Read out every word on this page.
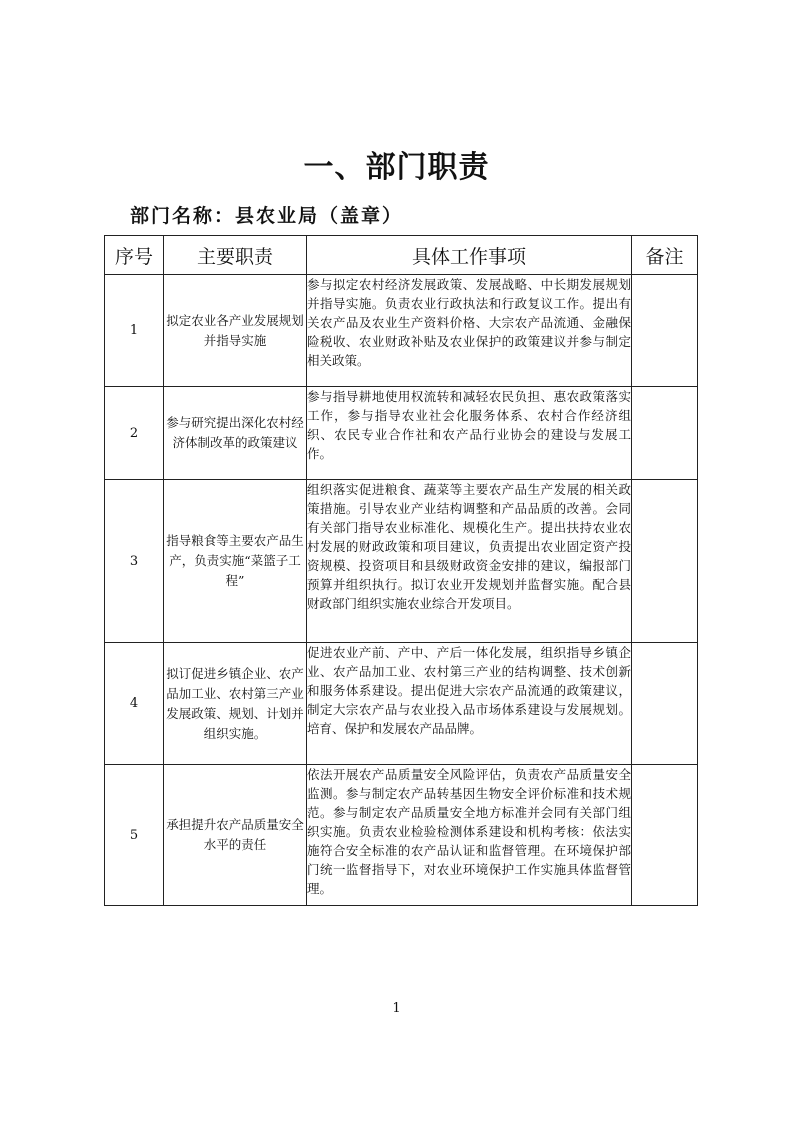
一、部门职责
部门名称：县农业局（盖章）
序号	主要职责	具体工作事项	备注
1	拟定农业各产业发展规划并指导实施	参与拟定农村经济发展政策、发展战略、中长期发展规划并指导实施。负责农业行政执法和行政复议工作。提出有关农产品及农业生产资料价格、大宗农产品流通、金融保险税收、农业财政补贴及农业保护的政策建议并参与制定相关政策。	
2	参与研究提出深化农村经济体制改革的政策建议	参与指导耕地使用权流转和减轻农民负担、惠农政策落实工作，参与指导农业社会化服务体系、农村合作经济组织、农民专业合作社和农产品行业协会的建设与发展工作。	
3	指导粮食等主要农产品生产，负责实施“菜篮子工程”	组织落实促进粮食、蔬菜等主要农产品生产发展的相关政策措施。引导农业产业结构调整和产品品质的改善。会同有关部门指导农业标准化、规模化生产。提出扶持农业农村发展的财政政策和项目建议，负责提出农业固定资产投资规模、投资项目和县级财政资金安排的建议，编报部门预算并组织执行。拟订农业开发规划并监督实施。配合县财政部门组织实施农业综合开发项目。	
4	拟订促进乡镇企业、农产品加工业、农村第三产业发展政策、规划、计划并组织实施。	促进农业产前、产中、产后一体化发展，组织指导乡镇企业、农产品加工业、农村第三产业的结构调整、技术创新和服务体系建设。提出促进大宗农产品流通的政策建议，制定大宗农产品与农业投入品市场体系建设与发展规划。培育、保护和发展农产品品牌。	
5	承担提升农产品质量安全水平的责任	依法开展农产品质量安全风险评估，负责农产品质量安全监测。参与制定农产品转基因生物安全评价标准和技术规范。参与制定农产品质量安全地方标准并会同有关部门组织实施。负责农业检验检测体系建设和机构考核：依法实施符合安全标准的农产品认证和监督管理。在环境保护部门统一监督指导下，对农业环境保护工作实施具体监督管理。	
1
